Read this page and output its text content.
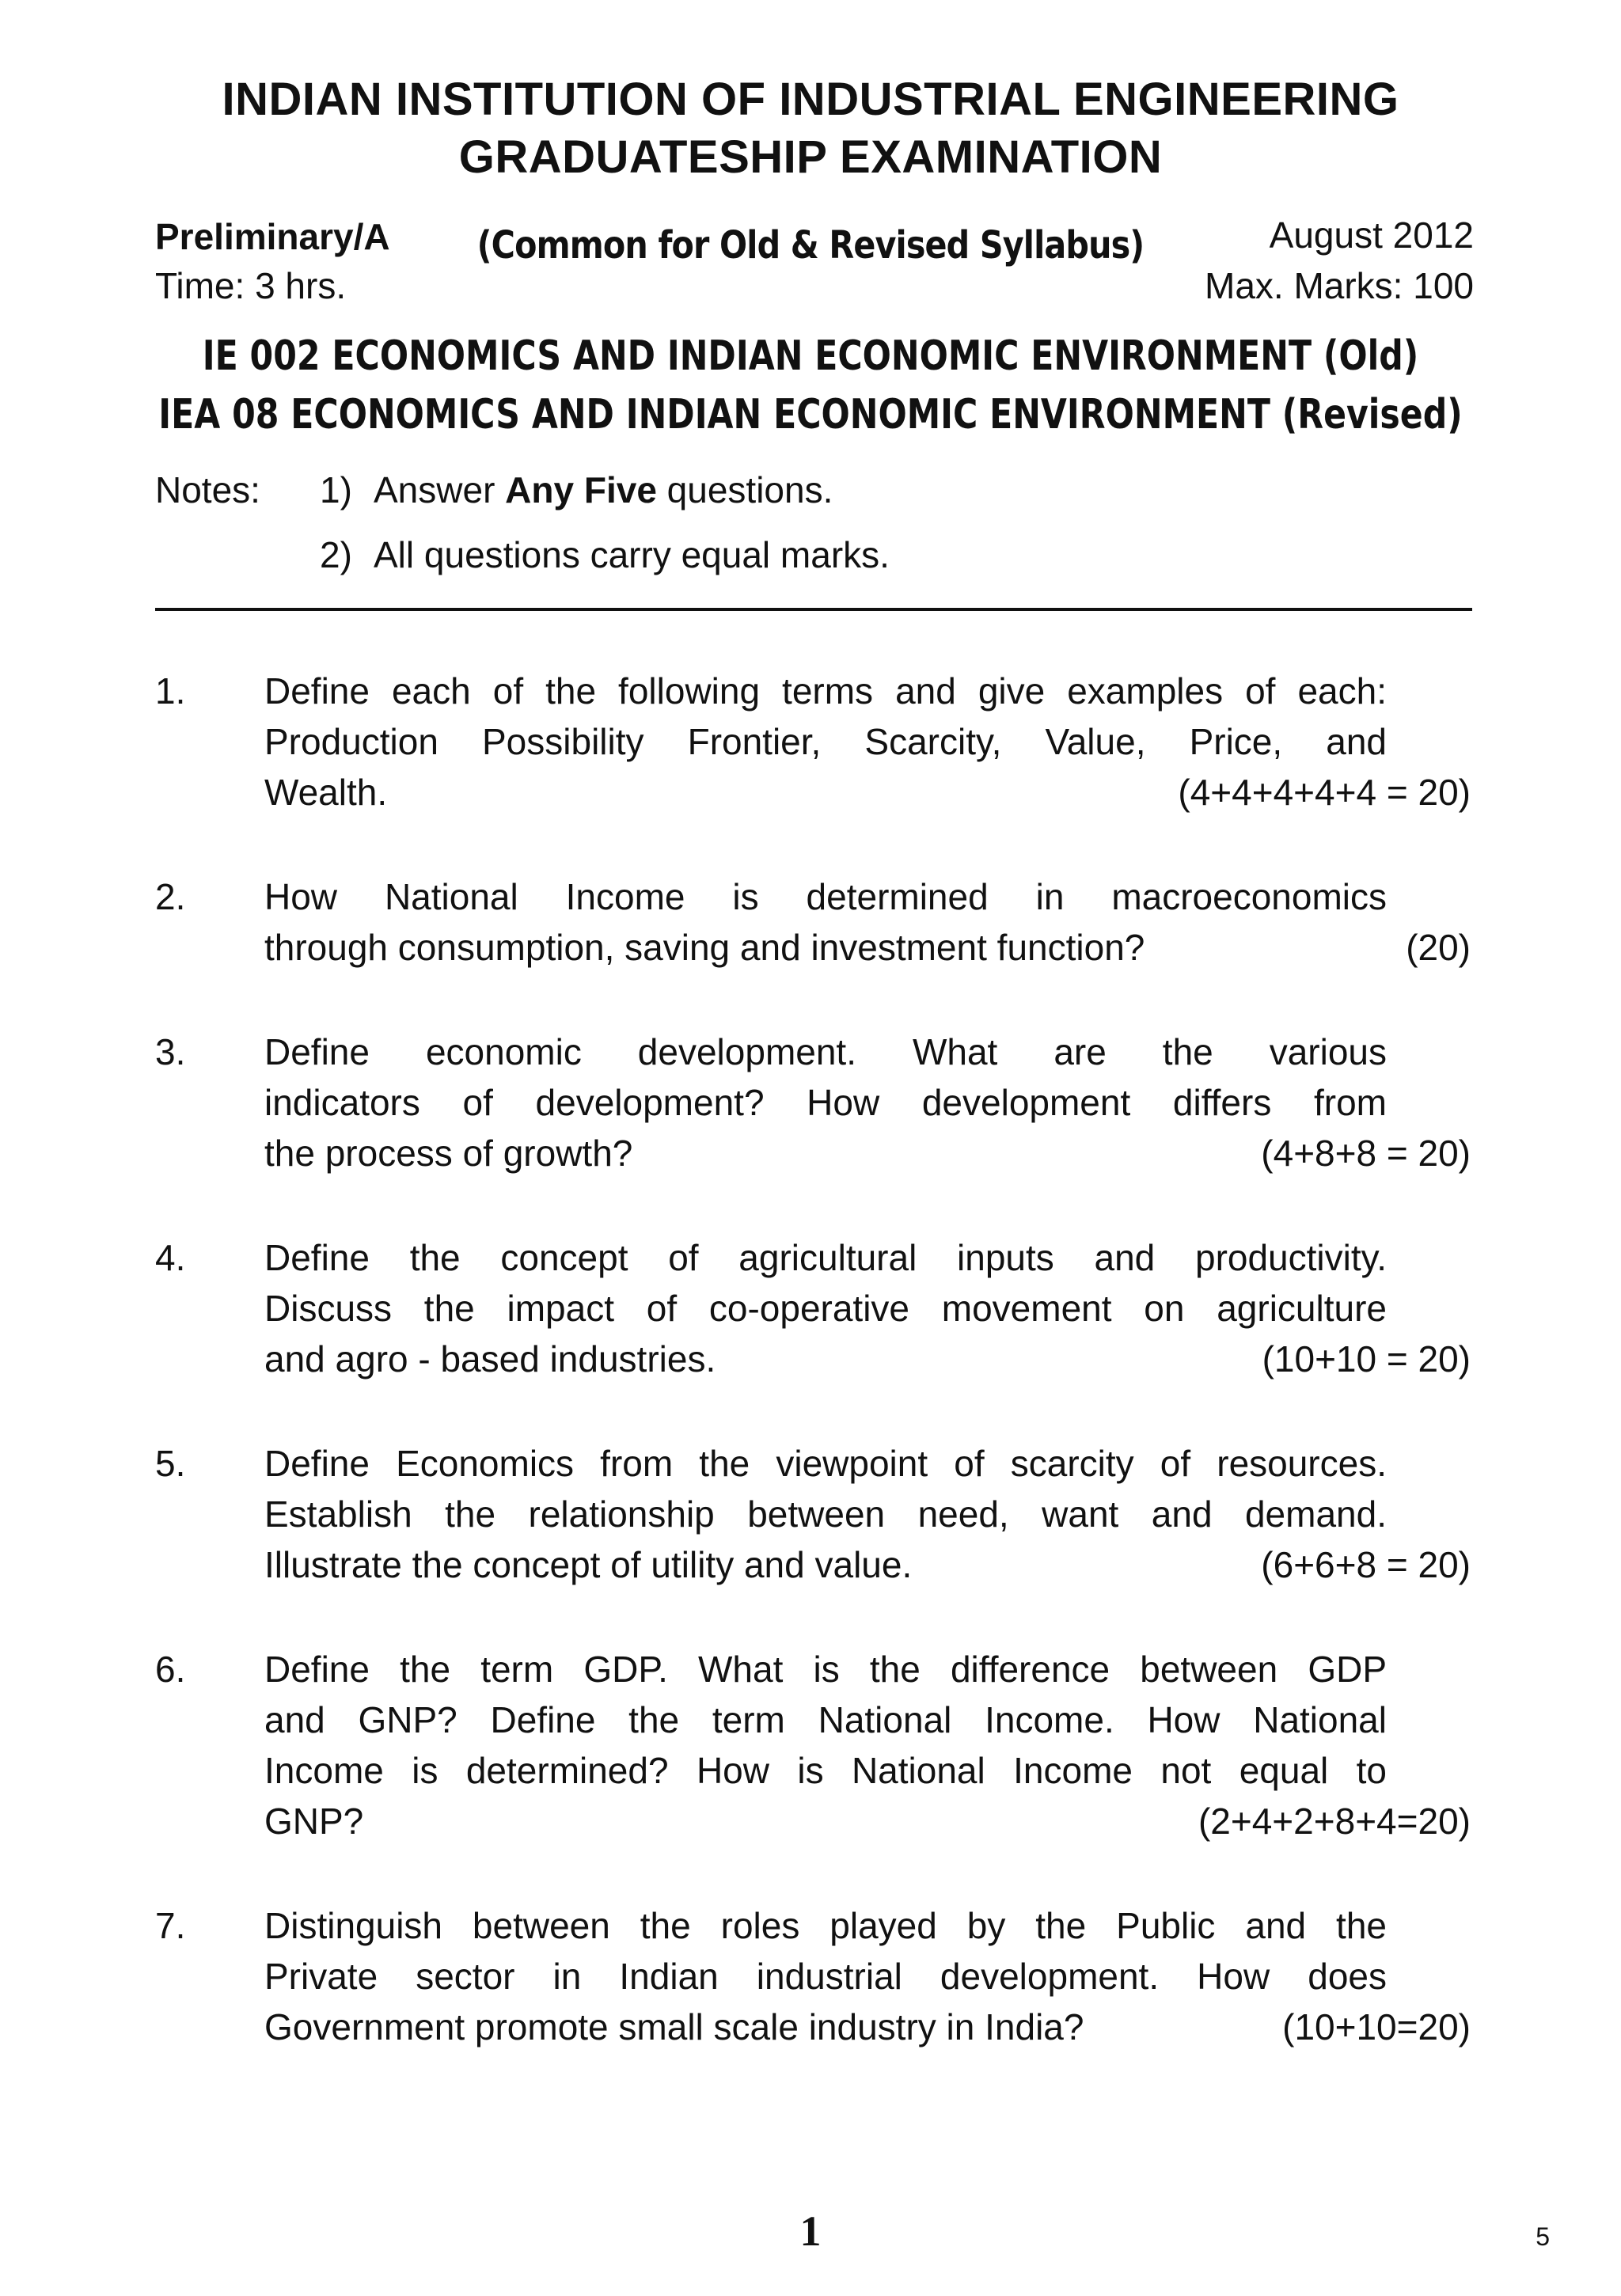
INDIAN INSTITUTION OF INDUSTRIAL ENGINEERING
GRADUATESHIP EXAMINATION
Preliminary/A	(Common for Old & Revised Syllabus)	August 2012
Time: 3 hrs.	Max. Marks: 100
IE 002 ECONOMICS AND INDIAN ECONOMIC ENVIRONMENT (Old)
IEA 08 ECONOMICS AND INDIAN ECONOMIC ENVIRONMENT (Revised)
Notes: 1) Answer Any Five questions.
2) All questions carry equal marks.
1. Define each of the following terms and give examples of each:
Production Possibility Frontier, Scarcity, Value, Price, and
Wealth.	(4+4+4+4+4 = 20)
2. How National Income is determined in macroeconomics
through consumption, saving and investment function?	(20)
3. Define economic development. What are the various
indicators of development? How development differs from
the process of growth?	(4+8+8 = 20)
4. Define the concept of agricultural inputs and productivity.
Discuss the impact of co-operative movement on agriculture
and agro - based industries.	(10+10 = 20)
5. Define Economics from the viewpoint of scarcity of resources.
Establish the relationship between need, want and demand.
Illustrate the concept of utility and value.	(6+6+8 = 20)
6. Define the term GDP. What is the difference between GDP
and GNP? Define the term National Income. How National
Income is determined? How is National Income not equal to
GNP?	(2+4+2+8+4=20)
7. Distinguish between the roles played by the Public and the
Private sector in Indian industrial development. How does
Government promote small scale industry in India?	(10+10=20)
1	5
